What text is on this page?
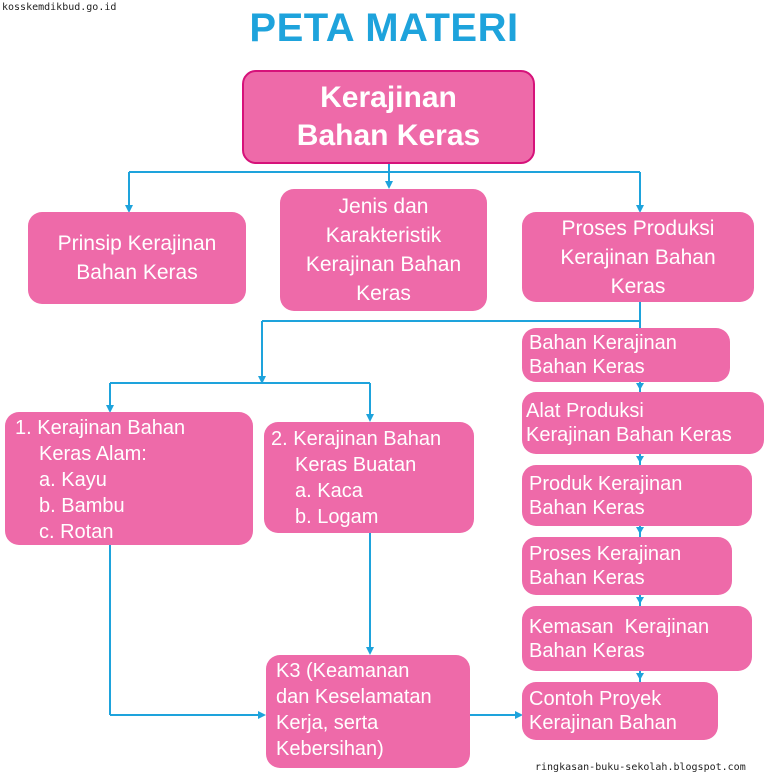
kosskemdikbud.go.id	PETA MATERI
Kerajinan
Bahan Keras
Prinsip Kerajinan
Bahan Keras
Jenis dan
Karakteristik
Kerajinan Bahan
Keras
Proses Produksi
Kerajinan Bahan
Keras
1. Kerajinan Bahan
Keras Alam:
a. Kayu
b. Bambu
c. Rotan
2. Kerajinan Bahan
Keras Buatan
a. Kaca
b. Logam
K3 (Keamanan
dan Keselamatan
Kerja, serta
Kebersihan)
Bahan Kerajinan
Bahan Keras
Alat Produksi
Kerajinan Bahan Keras
Produk Kerajinan
Bahan Keras
Proses Kerajinan
Bahan Keras
Kemasan  Kerajinan
Bahan Keras
Contoh Proyek
Kerajinan Bahan
ringkasan-buku-sekolah.blogspot.com
